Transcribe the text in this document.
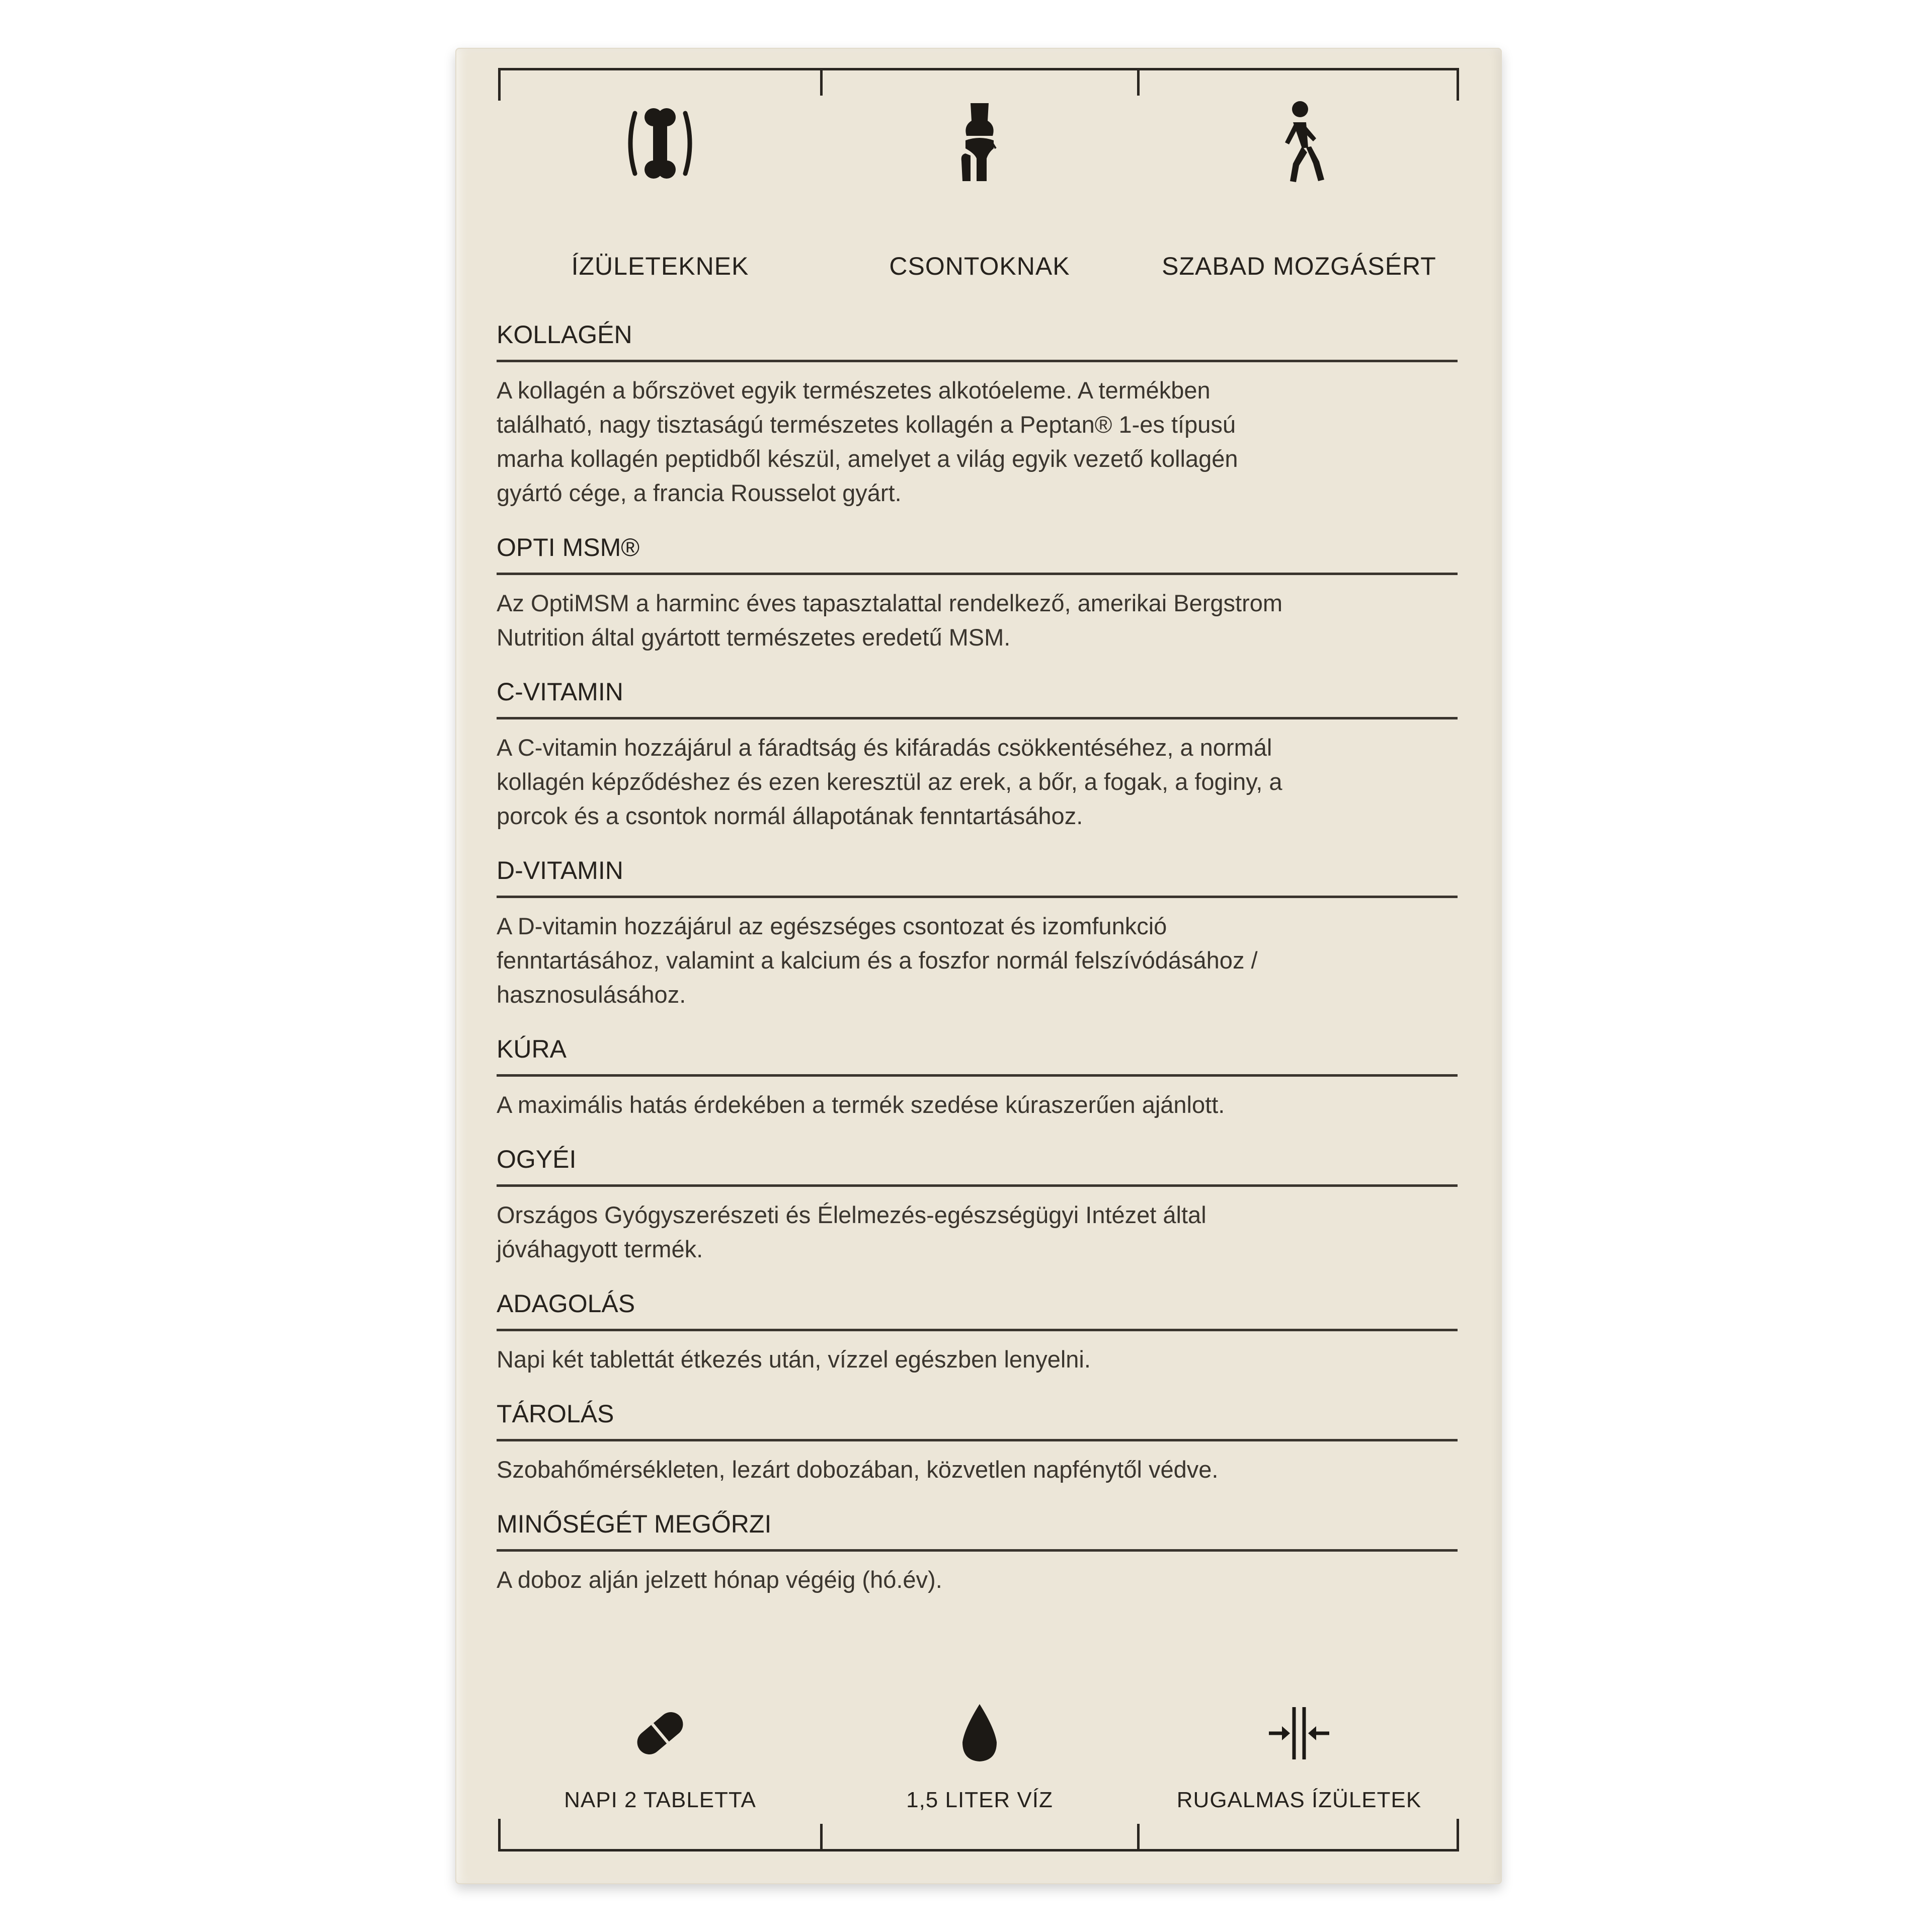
ÍZÜLETEKNEK	CSONTOKNAK	SZABAD MOZGÁSÉRT
KOLLAGÉN
A kollagén a bőrszövet egyik természetes alkotóeleme. A termékben
található, nagy tisztaságú természetes kollagén a Peptan® 1-es típusú
marha kollagén peptidből készül, amelyet a világ egyik vezető kollagén
gyártó cége, a francia Rousselot gyárt.
OPTI MSM®
Az OptiMSM a harminc éves tapasztalattal rendelkező, amerikai Bergstrom
Nutrition által gyártott természetes eredetű MSM.
C-VITAMIN
A C-vitamin hozzájárul a fáradtság és kifáradás csökkentéséhez, a normál
kollagén képződéshez és ezen keresztül az erek, a bőr, a fogak, a foginy, a
porcok és a csontok normál állapotának fenntartásához.
D-VITAMIN
A D-vitamin hozzájárul az egészséges csontozat és izomfunkció
fenntartásához, valamint a kalcium és a foszfor normál felszívódásához /
hasznosulásához.
KÚRA
A maximális hatás érdekében a termék szedése kúraszerűen ajánlott.
OGYÉI
Országos Gyógyszerészeti és Élelmezés-egészségügyi Intézet által
jóváhagyott termék.
ADAGOLÁS
Napi két tablettát étkezés után, vízzel egészben lenyelni.
TÁROLÁS
Szobahőmérsékleten, lezárt dobozában, közvetlen napfénytől védve.
MINŐSÉGÉT MEGŐRZI
A doboz alján jelzett hónap végéig (hó.év).
NAPI 2 TABLETTA	1,5 LITER VÍZ	RUGALMAS ÍZÜLETEK
